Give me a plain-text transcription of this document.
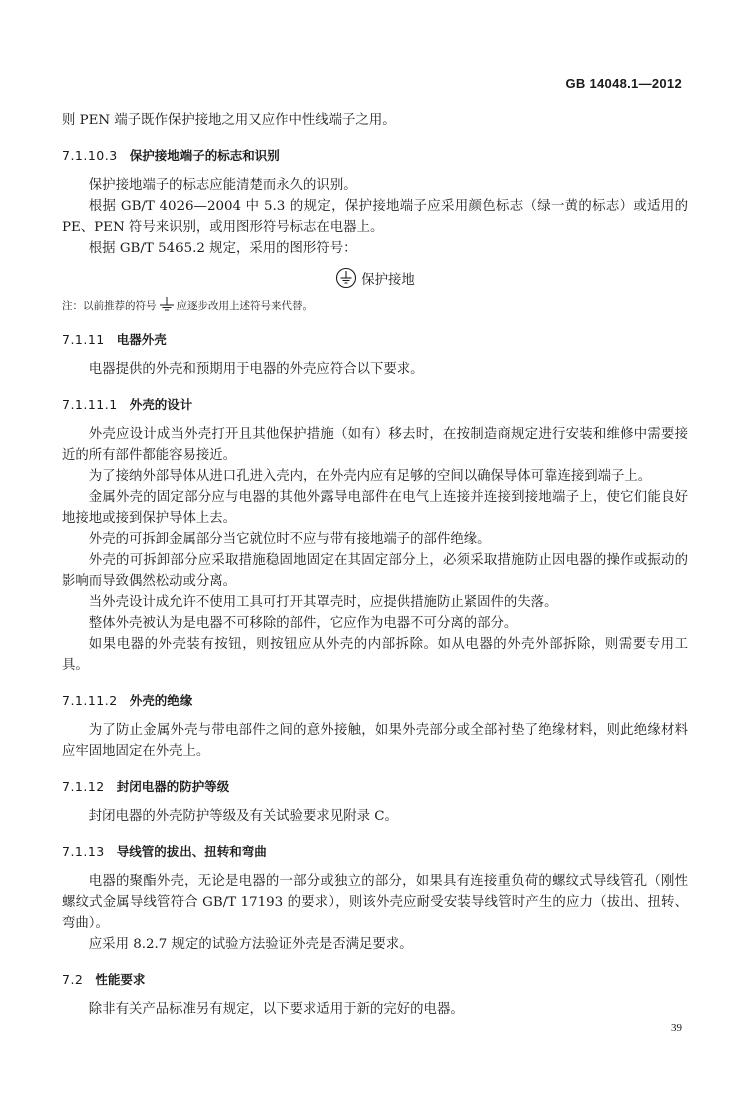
GB 14048.1—2012

则 PEN 端子既作保护接地之用又应作中性线端子之用。

7.1.10.3 保护接地端子的标志和识别

保护接地端子的标志应能清楚而永久的识别。

根据 GB/T 4026—2004 中 5.3 的规定，保护接地端子应采用颜色标志（绿一黄的标志）或适用的 PE、PEN 符号来识别，或用图形符号标志在电器上。

根据 GB/T 5465.2 规定，采用的图形符号：

保护接地
注：以前推荐的符号 应逐步改用上述符号来代替。
7.1.11 电器外壳

电器提供的外壳和预期用于电器的外壳应符合以下要求。

7.1.11.1 外壳的设计

外壳应设计成当外壳打开且其他保护措施（如有）移去时，在按制造商规定进行安装和维修中需要接近的所有部件都能容易接近。

为了接纳外部导体从进口孔进入壳内，在外壳内应有足够的空间以确保导体可靠连接到端子上。

金属外壳的固定部分应与电器的其他外露导电部件在电气上连接并连接到接地端子上，使它们能良好地接地或接到保护导体上去。

外壳的可拆卸金属部分当它就位时不应与带有接地端子的部件绝缘。

外壳的可拆卸部分应采取措施稳固地固定在其固定部分上，必须采取措施防止因电器的操作或振动的影响而导致偶然松动或分离。

当外壳设计成允许不使用工具可打开其罩壳时，应提供措施防止紧固件的失落。

整体外壳被认为是电器不可移除的部件，它应作为电器不可分离的部分。

如果电器的外壳装有按钮，则按钮应从外壳的内部拆除。如从电器的外壳外部拆除，则需要专用工具。

7.1.11.2 外壳的绝缘

为了防止金属外壳与带电部件之间的意外接触，如果外壳部分或全部衬垫了绝缘材料，则此绝缘材料应牢固地固定在外壳上。

7.1.12 封闭电器的防护等级

封闭电器的外壳防护等级及有关试验要求见附录 C。

7.1.13 导线管的拔出、扭转和弯曲

电器的聚酯外壳，无论是电器的一部分或独立的部分，如果具有连接重负荷的螺纹式导线管孔（刚性螺纹式金属导线管符合 GB/T 17193 的要求），则该外壳应耐受安装导线管时产生的应力（拔出、扭转、弯曲）。

应采用 8.2.7 规定的试验方法验证外壳是否满足要求。

7.2 性能要求

除非有关产品标准另有规定，以下要求适用于新的完好的电器。

39
